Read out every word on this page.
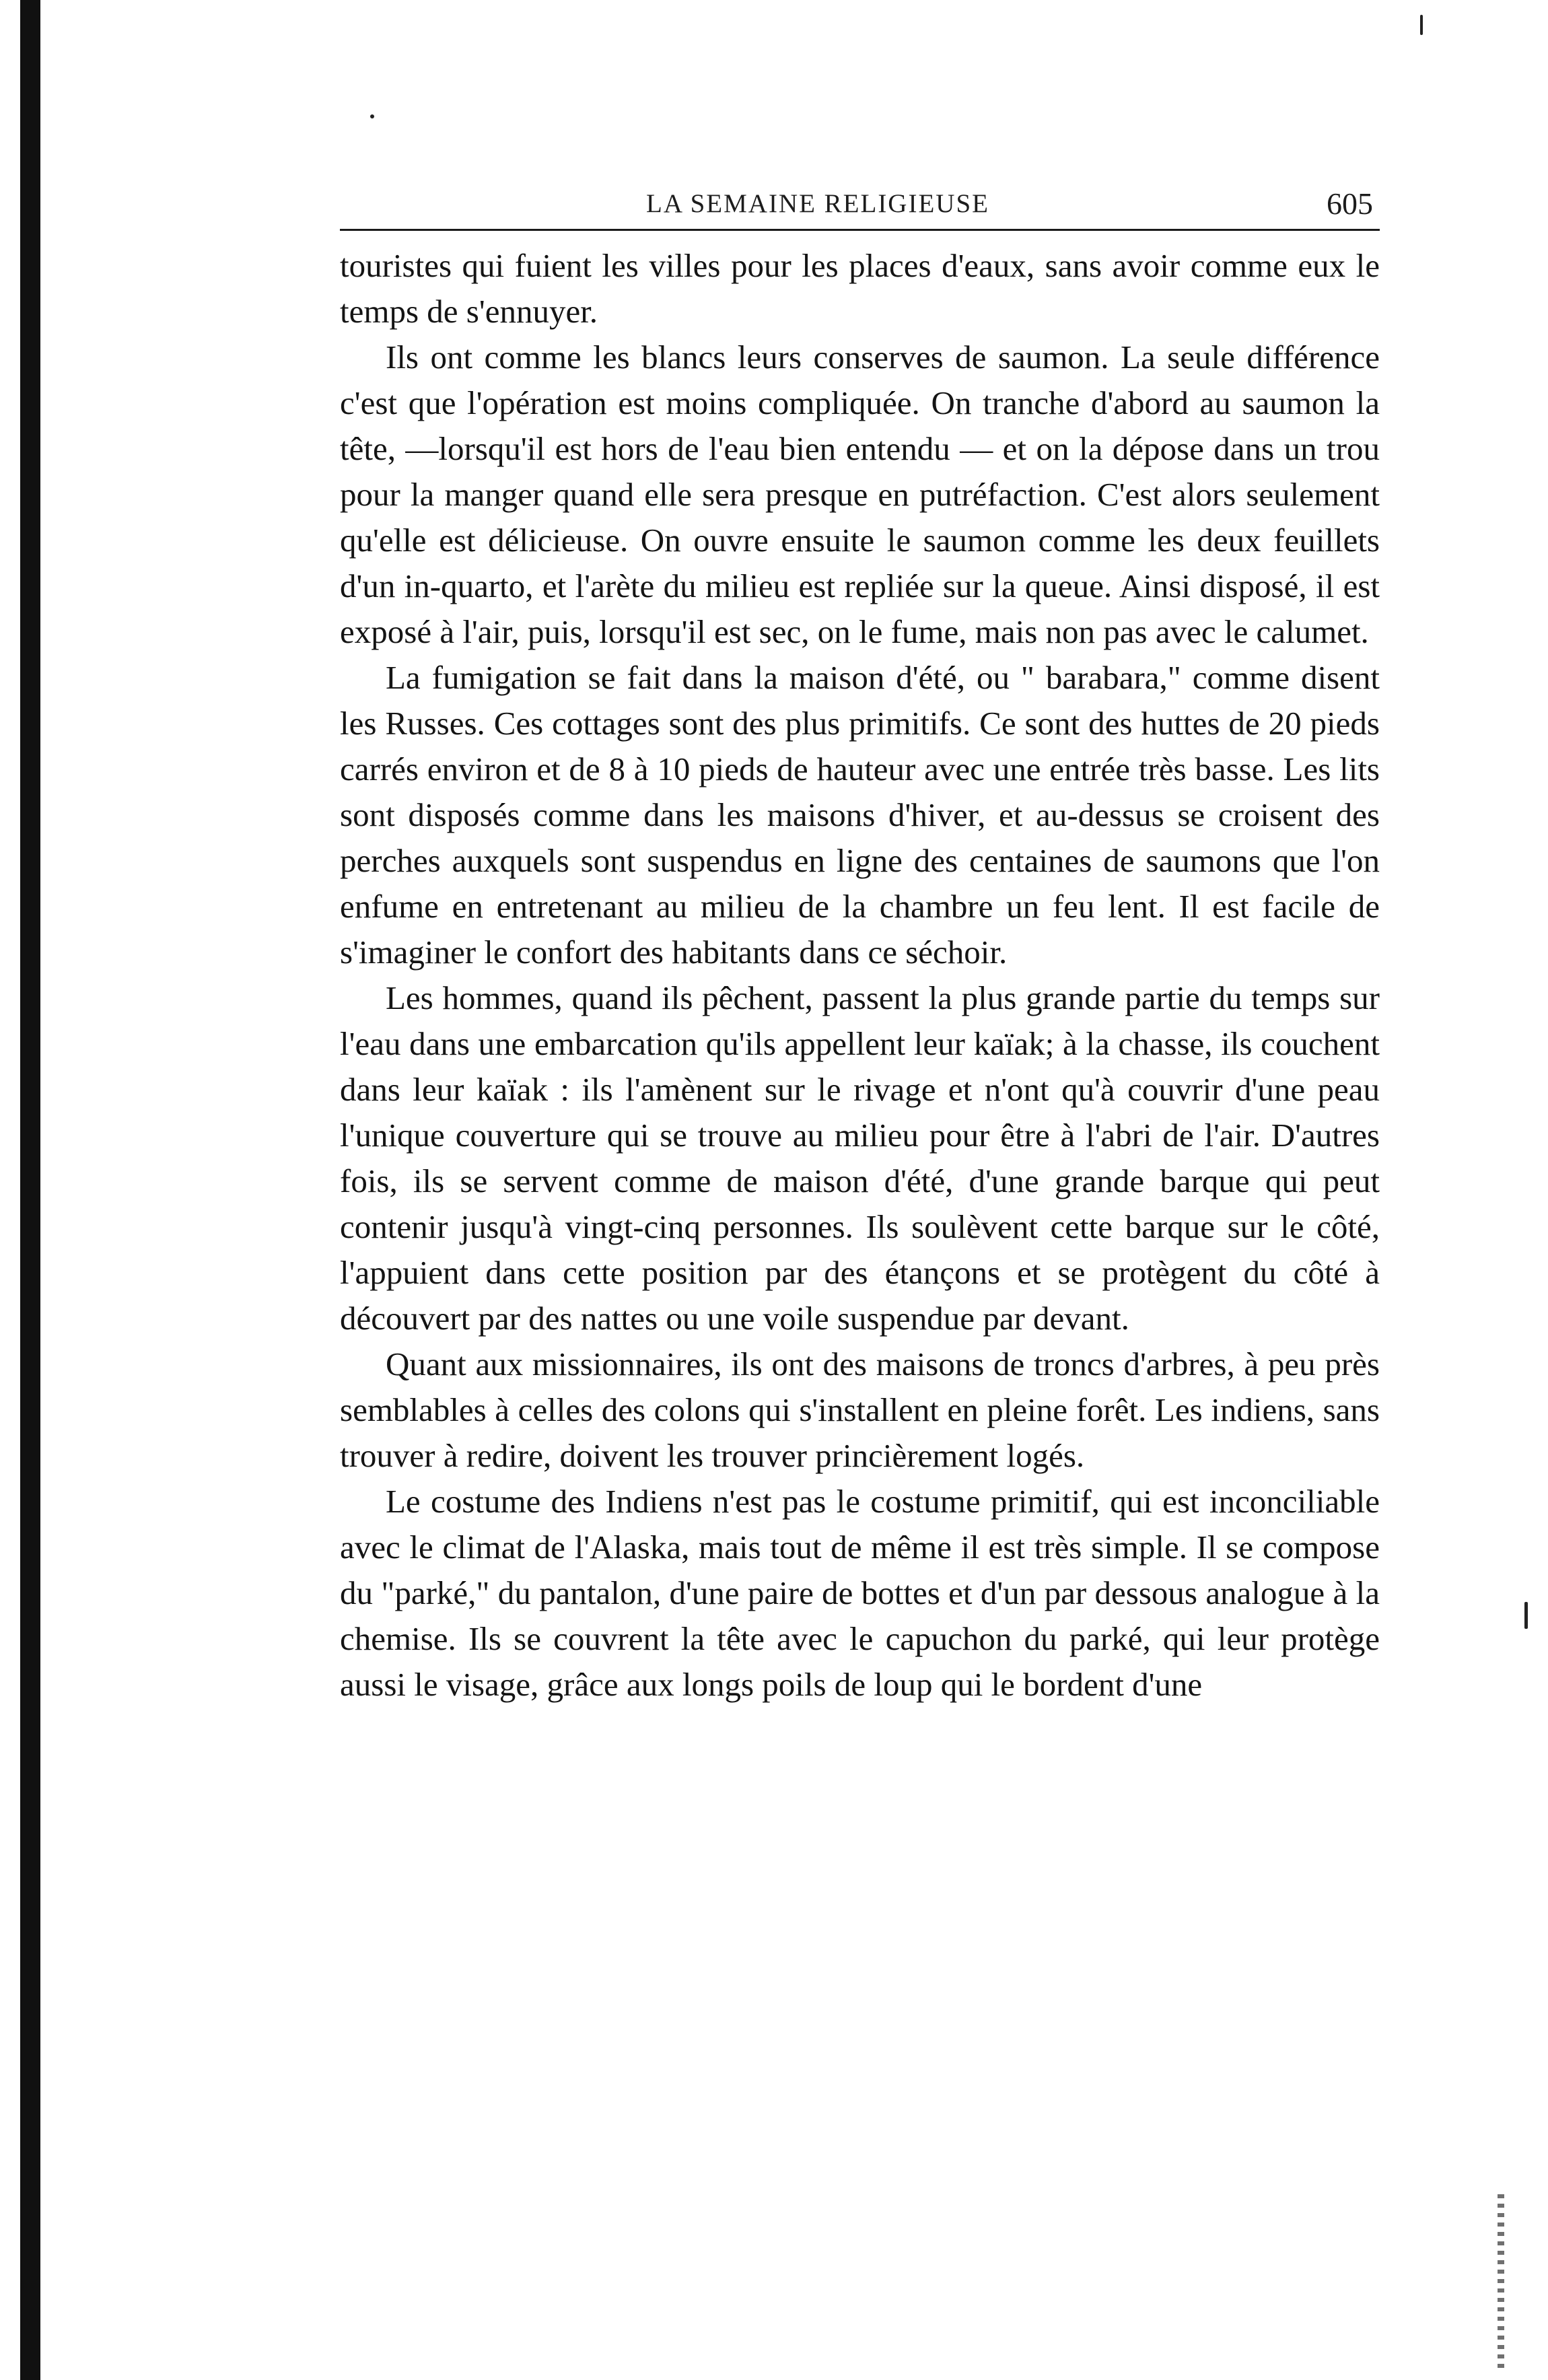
LA SEMAINE RELIGIEUSE	605

touristes qui fuient les villes pour les places d'eaux, sans avoir comme eux le temps de s'ennuyer.

Ils ont comme les blancs leurs conserves de saumon. La seule différence c'est que l'opération est moins compliquée. On tranche d'abord au saumon la tête, —lorsqu'il est hors de l'eau bien entendu — et on la dépose dans un trou pour la manger quand elle sera presque en putréfaction. C'est alors seulement qu'elle est délicieuse. On ouvre ensuite le saumon comme les deux feuillets d'un in-quarto, et l'arète du milieu est repliée sur la queue. Ainsi disposé, il est exposé à l'air, puis, lorsqu'il est sec, on le fume, mais non pas avec le calumet.

La fumigation se fait dans la maison d'été, ou " barabara," comme disent les Russes. Ces cottages sont des plus primitifs. Ce sont des huttes de 20 pieds carrés environ et de 8 à 10 pieds de hauteur avec une entrée très basse. Les lits sont disposés comme dans les maisons d'hiver, et au-dessus se croisent des perches auxquels sont suspendus en ligne des centaines de saumons que l'on enfume en entretenant au milieu de la chambre un feu lent. Il est facile de s'imaginer le confort des habitants dans ce séchoir.

Les hommes, quand ils pêchent, passent la plus grande partie du temps sur l'eau dans une embarcation qu'ils appellent leur kaïak; à la chasse, ils couchent dans leur kaïak : ils l'amènent sur le rivage et n'ont qu'à couvrir d'une peau l'unique couverture qui se trouve au milieu pour être à l'abri de l'air. D'autres fois, ils se servent comme de maison d'été, d'une grande barque qui peut contenir jusqu'à vingt-cinq personnes. Ils soulèvent cette barque sur le côté, l'appuient dans cette position par des étançons et se protègent du côté à découvert par des nattes ou une voile suspendue par devant.

Quant aux missionnaires, ils ont des maisons de troncs d'arbres, à peu près semblables à celles des colons qui s'installent en pleine forêt. Les indiens, sans trouver à redire, doivent les trouver princièrement logés.

Le costume des Indiens n'est pas le costume primitif, qui est inconciliable avec le climat de l'Alaska, mais tout de même il est très simple. Il se compose du "parké," du pantalon, d'une paire de bottes et d'un par dessous analogue à la chemise. Ils se couvrent la tête avec le capuchon du parké, qui leur protège aussi le visage, grâce aux longs poils de loup qui le bordent d'une
